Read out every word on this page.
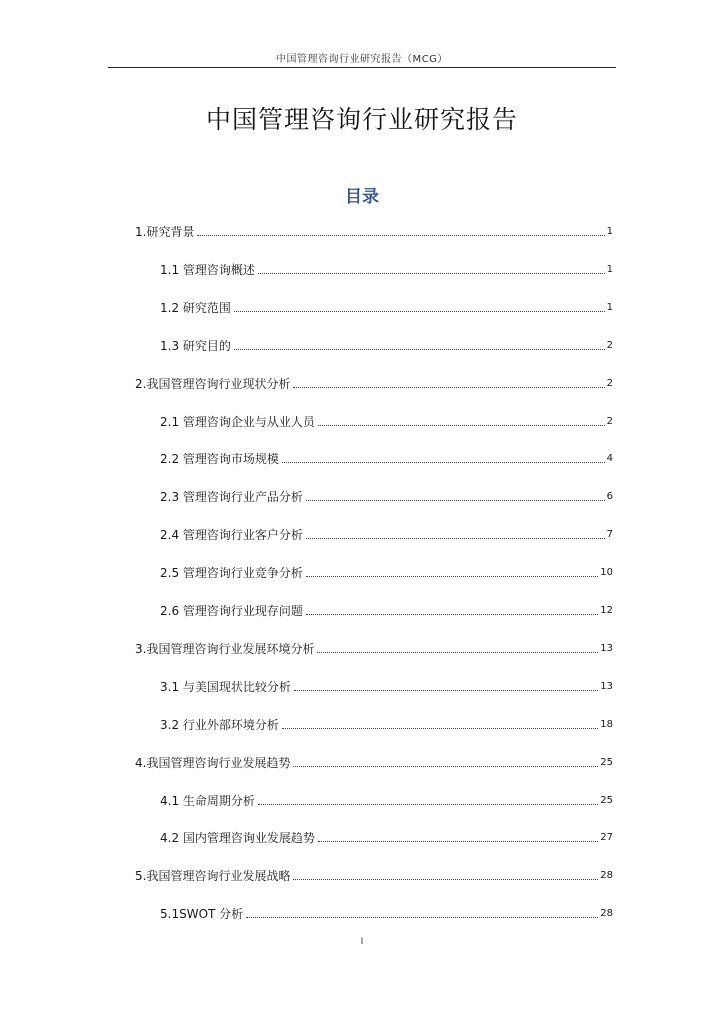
中国管理咨询行业研究报告（MCG）
中国管理咨询行业研究报告
目录
1.研究背景	1
1.1 管理咨询概述	1
1.2 研究范围	1
1.3 研究目的	2
2.我国管理咨询行业现状分析	2
2.1 管理咨询企业与从业人员	2
2.2 管理咨询市场规模	4
2.3 管理咨询行业产品分析	6
2.4 管理咨询行业客户分析	7
2.5 管理咨询行业竞争分析	10
2.6 管理咨询行业现存问题	12
3.我国管理咨询行业发展环境分析	13
3.1 与美国现状比较分析	13
3.2 行业外部环境分析	18
4.我国管理咨询行业发展趋势	25
4.1 生命周期分析	25
4.2 国内管理咨询业发展趋势	27
5.我国管理咨询行业发展战略	28
5.1SWOT 分析	28
I
